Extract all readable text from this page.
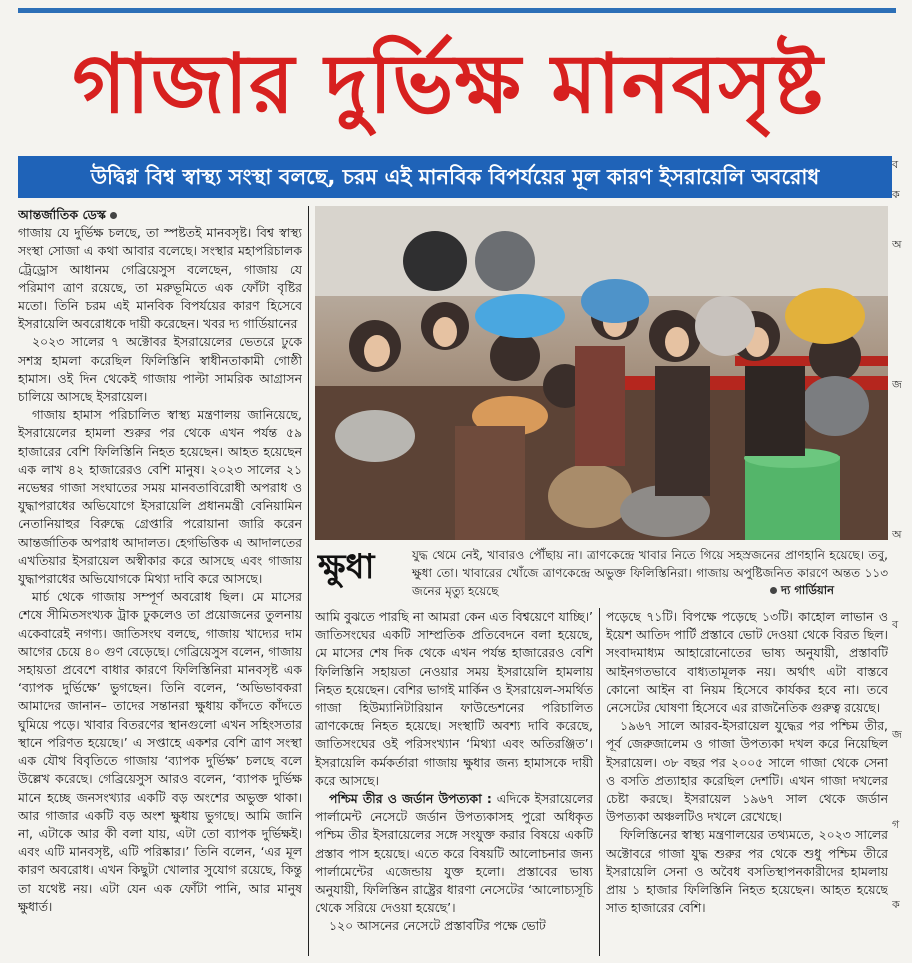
গাজার দুর্ভিক্ষ মানবসৃষ্ট
উদ্বিগ্ন বিশ্ব স্বাস্থ্য সংস্থা বলছে, চরম এই মানবিক বিপর্যয়ের মূল কারণ ইসরায়েলি অবরোধ
ব
ক
অ
জ
অ
ব
জ
গ
ক

আন্তর্জাতিক ডেস্ক

গাজায় যে দুর্ভিক্ষ চলছে, তা স্পষ্টতই মানবসৃষ্ট। বিশ্ব স্বাস্থ্য সংস্থা সোজা এ কথা আবার বলেছে। সংস্থার মহাপরিচালক ট্রেড্রোস আধানম গেব্রিয়েসুস বলেছেন, গাজায় যে পরিমাণ ত্রাণ রয়েছে, তা মরুভূমিতে এক ফোঁটা বৃষ্টির মতো। তিনি চরম এই মানবিক বিপর্যয়ের কারণ হিসেবে ইসরায়েলি অবরোধকে দায়ী করেছেন। খবর দ্য গার্ডিয়ানের

২০২৩ সালের ৭ অক্টোবর ইসরায়েলের ভেতরে ঢুকে সশস্ত্র হামলা করেছিল ফিলিস্তিনি স্বাধীনতাকামী গোষ্ঠী হামাস। ওই দিন থেকেই গাজায় পাল্টা সামরিক আগ্রাসন চালিয়ে আসছে ইসরায়েল।

গাজায় হামাস পরিচালিত স্বাস্থ্য মন্ত্রণালয় জানিয়েছে, ইসরায়েলের হামলা শুরুর পর থেকে এখন পর্যন্ত ৫৯ হাজারের বেশি ফিলিস্তিনি নিহত হয়েছেন। আহত হয়েছেন এক লাখ ৪২ হাজারেরও বেশি মানুষ। ২০২৩ সালের ২১ নভেম্বর গাজা সংঘাতের সময় মানবতাবিরোধী অপরাধ ও যুদ্ধাপরাধের অভিযোগে ইসরায়েলি প্রধানমন্ত্রী বেনিয়ামিন নেতানিয়াহুর বিরুদ্ধে গ্রেপ্তারি পরোয়ানা জারি করেন আন্তর্জাতিক অপরাধ আদালত। হেগভিত্তিক এ আদালতের এখতিয়ার ইসরায়েল অস্বীকার করে আসছে এবং গাজায় যুদ্ধাপরাধের অভিযোগকে মিথ্যা দাবি করে আসছে।

মার্চ থেকে গাজায় সম্পূর্ণ অবরোধ ছিল। মে মাসের শেষে সীমিতসংখ্যক ট্রাক ঢুকলেও তা প্রয়োজনের তুলনায় একেবারেই নগণ্য। জাতিসংঘ বলছে, গাজায় খাদ্যের দাম আগের চেয়ে ৪০ গুণ বেড়েছে। গেব্রিয়েসুস বলেন, গাজায় সহায়তা প্রবেশে বাধার কারণে ফিলিস্তিনিরা মানবসৃষ্ট এক ‘ব্যাপক দুর্ভিক্ষে’ ভুগছেন। তিনি বলেন, ‘অভিভাবকরা আমাদের জানান– তাদের সন্তানরা ক্ষুধায় কাঁদতে কাঁদতে ঘুমিয়ে পড়ে। খাবার বিতরণের স্থানগুলো এখন সহিংসতার স্থানে পরিণত হয়েছে।’ এ সপ্তাহে একশর বেশি ত্রাণ সংস্থা এক যৌথ বিবৃতিতে গাজায় ‘ব্যাপক দুর্ভিক্ষ’ চলছে বলে উল্লেখ করেছে। গেব্রিয়েসুস আরও বলেন, ‘ব্যাপক দুর্ভিক্ষ মানে হচ্ছে জনসংখ্যার একটি বড় অংশের অভুক্ত থাকা। আর গাজার একটি বড় অংশ ক্ষুধায় ভুগছে। আমি জানি না, এটাকে আর কী বলা যায়, এটা তো ব্যাপক দুর্ভিক্ষই। এবং এটি মানবসৃষ্ট, এটি পরিষ্কার।’ তিনি বলেন, ‘এর মূল কারণ অবরোধ। এখন কিছুটা খোলার সুযোগ রয়েছে, কিন্তু তা যথেষ্ট নয়। এটা যেন এক ফোঁটা পানি, আর মানুষ ক্ষুধার্ত।

ক্ষুধা	যুদ্ধ থেমে নেই, খাবারও পৌঁছায় না। ত্রাণকেন্দ্রে খাবার নিতে গিয়ে সহস্রজনের প্রাণহানি হয়েছে। তবু, ক্ষুধা তো। খাবারের খোঁজে ত্রাণকেন্দ্রে অভুক্ত ফিলিস্তিনিরা। গাজায় অপুষ্টিজনিত কারণে অন্তত ১১৩ জনের মৃত্যু হয়েছে	দ্য গার্ডিয়ান

আমি বুঝতে পারছি না আমরা কেন এত বিশ্বয়েণে যাচ্ছি।’ জাতিসংঘের একটি সাম্প্রতিক প্রতিবেদনে বলা হয়েছে, মে মাসের শেষ দিক থেকে এখন পর্যন্ত হাজারেরও বেশি ফিলিস্তিনি সহায়তা নেওয়ার সময় ইসরায়েলি হামলায় নিহত হয়েছেন। বেশির ভাগই মার্কিন ও ইসরায়েল-সমর্থিত গাজা হিউম্যানিটারিয়ান ফাউন্ডেশনের পরিচালিত ত্রাণকেন্দ্রে নিহত হয়েছে। সংস্থাটি অবশ্য দাবি করেছে, জাতিসংঘের ওই পরিসংখ্যান ‘মিথ্যা এবং অতিরঞ্জিত’। ইসরায়েলি কর্মকর্তারা গাজায় ক্ষুধার জন্য হামাসকে দায়ী করে আসছে।

পশ্চিম তীর ও জর্ডান উপত্যকা : এদিকে ইসরায়েলের পার্লামেন্ট নেসেটে জর্ডান উপত্যকাসহ পুরো অধিকৃত পশ্চিম তীর ইসরায়েলের সঙ্গে সংযুক্ত করার বিষয়ে একটি প্রস্তাব পাস হয়েছে। এতে করে বিষয়টি আলোচনার জন্য পার্লামেন্টের এজেন্ডায় যুক্ত হলো। প্রস্তাবের ভাষ্য অনুযায়ী, ফিলিস্তিন রাষ্ট্রের ধারণা নেসেটের ‘আলোচ্যসূচি থেকে সরিয়ে দেওয়া হয়েছে’।

১২০ আসনের নেসেটে প্রস্তাবটির পক্ষে ভোট

পড়েছে ৭১টি। বিপক্ষে পড়েছে ১৩টি। কাহোল লাভান ও ইয়েশ আতিদ পার্টি প্রস্তাবে ভোট দেওয়া থেকে বিরত ছিল। সংবাদমাধ্যম আহারোনোতের ভাষ্য অনুযায়ী, প্রস্তাবটি আইনগতভাবে বাধ্যতামূলক নয়। অর্থাৎ এটা বাস্তবে কোনো আইন বা নিয়ম হিসেবে কার্যকর হবে না। তবে নেসেটের ঘোষণা হিসেবে এর রাজনৈতিক গুরুত্ব রয়েছে।

১৯৬৭ সালে আরব-ইসরায়েল যুদ্ধের পর পশ্চিম তীর, পূর্ব জেরুজালেম ও গাজা উপত্যকা দখল করে নিয়েছিল ইসরায়েল। ৩৮ বছর পর ২০০৫ সালে গাজা থেকে সেনা ও বসতি প্রত্যাহার করেছিল দেশটি। এখন গাজা দখলের চেষ্টা করছে। ইসরায়েল ১৯৬৭ সাল থেকে জর্ডান উপত্যকা অঞ্চলটিও দখলে রেখেছে।

ফিলিস্তিনের স্বাস্থ্য মন্ত্রণালয়ের তথ্যমতে, ২০২৩ সালের অক্টোবরে গাজা যুদ্ধ শুরুর পর থেকে শুধু পশ্চিম তীরে ইসরায়েলি সেনা ও অবৈধ বসতিস্থাপনকারীদের হামলায় প্রায় ১ হাজার ফিলিস্তিনি নিহত হয়েছেন। আহত হয়েছে সাত হাজারের বেশি।
